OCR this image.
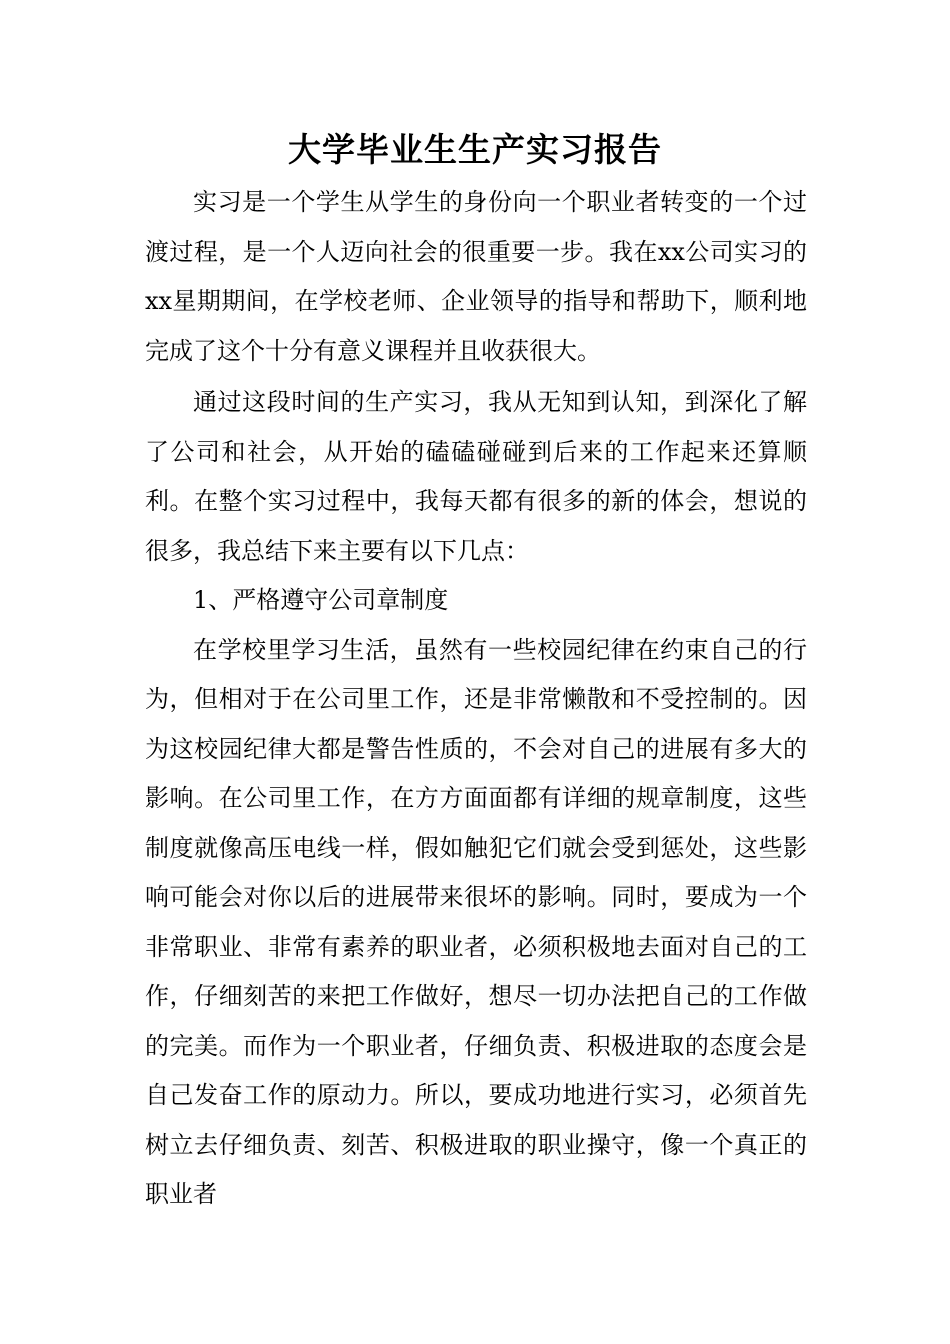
大学毕业生生产实习报告

实习是一个学生从学生的身份向一个职业者转变的一个过渡过程，是一个人迈向社会的很重要一步。我在xx公司实习的xx星期期间，在学校老师、企业领导的指导和帮助下，顺利地完成了这个十分有意义课程并且收获很大。

通过这段时间的生产实习，我从无知到认知，到深化了解了公司和社会，从开始的磕磕碰碰到后来的工作起来还算顺利。在整个实习过程中，我每天都有很多的新的体会，想说的很多，我总结下来主要有以下几点：

1、严格遵守公司章制度

在学校里学习生活，虽然有一些校园纪律在约束自己的行为，但相对于在公司里工作，还是非常懒散和不受控制的。因为这校园纪律大都是警告性质的，不会对自己的进展有多大的影响。在公司里工作，在方方面面都有详细的规章制度，这些制度就像高压电线一样，假如触犯它们就会受到惩处，这些影响可能会对你以后的进展带来很坏的影响。同时，要成为一个非常职业、非常有素养的职业者，必须积极地去面对自己的工作，仔细刻苦的来把工作做好，想尽一切办法把自己的工作做的完美。而作为一个职业者，仔细负责、积极进取的态度会是自己发奋工作的原动力。所以，要成功地进行实习，必须首先树立去仔细负责、刻苦、积极进取的职业操守，像一个真正的职业者
